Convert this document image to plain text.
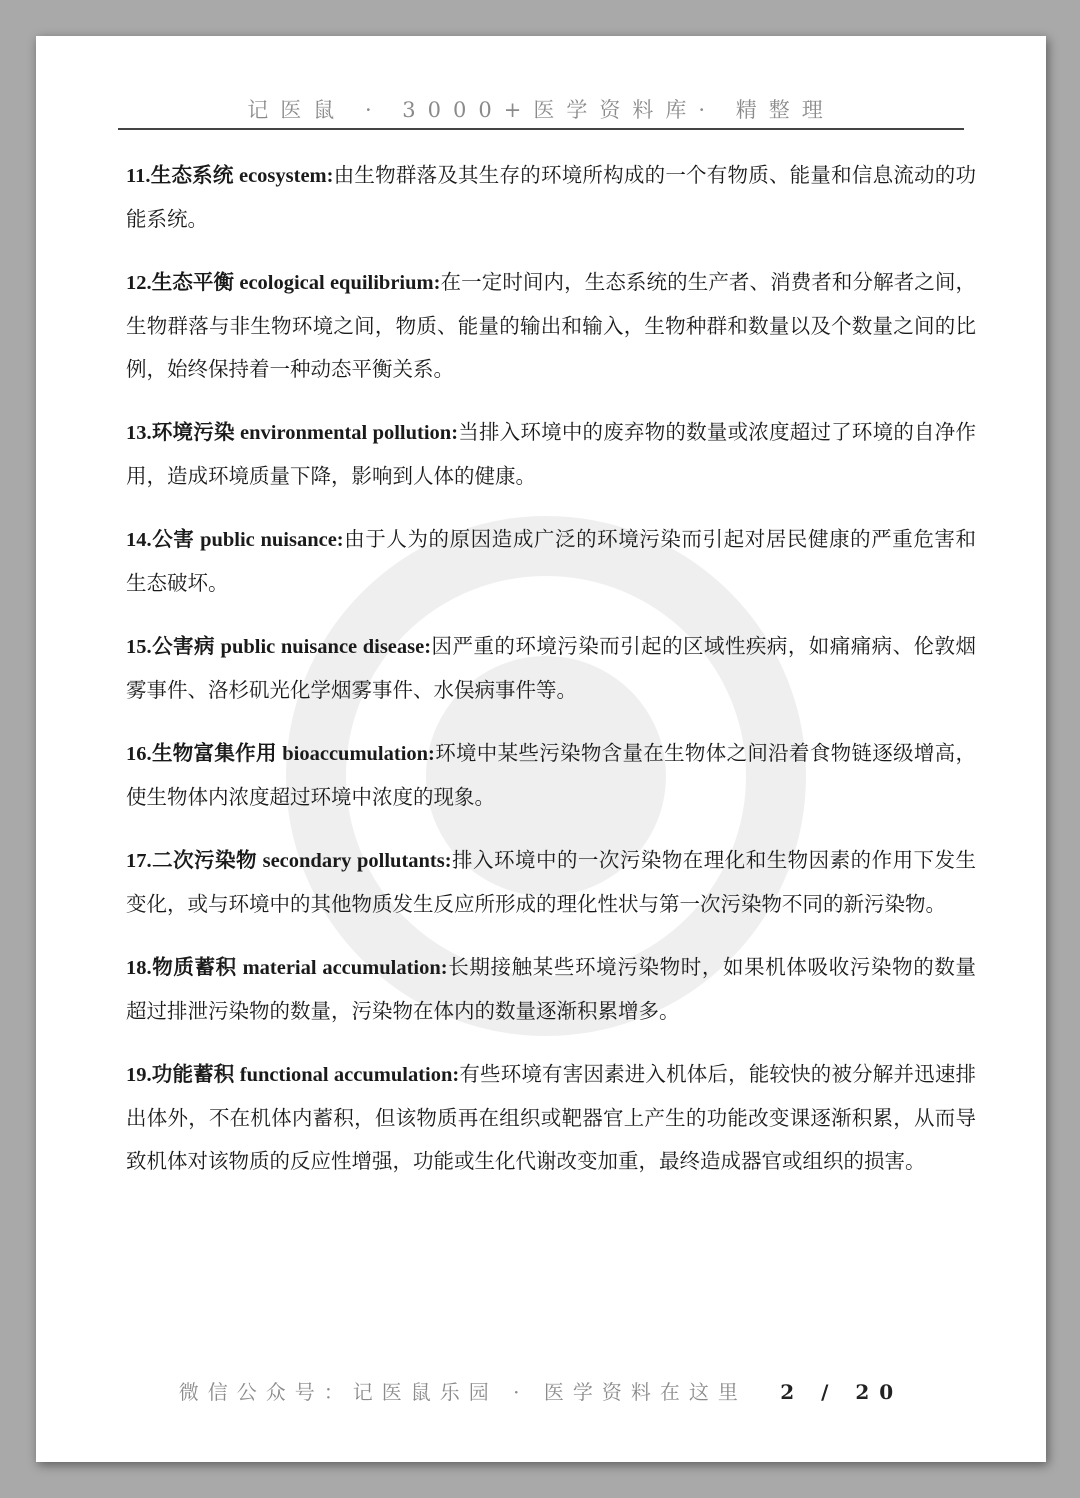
记医鼠 · 3000+医学资料库· 精整理

11.生态系统 ecosystem:由生物群落及其生存的环境所构成的一个有物质、能量和信息流动的功能系统。

12.生态平衡 ecological equilibrium:在一定时间内，生态系统的生产者、消费者和分解者之间，生物群落与非生物环境之间，物质、能量的输出和输入，生物种群和数量以及个数量之间的比例，始终保持着一种动态平衡关系。

13.环境污染 environmental pollution:当排入环境中的废弃物的数量或浓度超过了环境的自净作用，造成环境质量下降，影响到人体的健康。

14.公害 public nuisance:由于人为的原因造成广泛的环境污染而引起对居民健康的严重危害和生态破坏。

15.公害病 public nuisance disease:因严重的环境污染而引起的区域性疾病，如痛痛病、伦敦烟雾事件、洛杉矶光化学烟雾事件、水俣病事件等。

16.生物富集作用 bioaccumulation:环境中某些污染物含量在生物体之间沿着食物链逐级增高，使生物体内浓度超过环境中浓度的现象。

17.二次污染物 secondary pollutants:排入环境中的一次污染物在理化和生物因素的作用下发生变化，或与环境中的其他物质发生反应所形成的理化性状与第一次污染物不同的新污染物。

18.物质蓄积 material accumulation:长期接触某些环境污染物时，如果机体吸收污染物的数量超过排泄污染物的数量，污染物在体内的数量逐渐积累增多。

19.功能蓄积 functional accumulation:有些环境有害因素进入机体后，能较快的被分解并迅速排出体外，不在机体内蓄积，但该物质再在组织或靶器官上产生的功能改变课逐渐积累，从而导致机体对该物质的反应性增强，功能或生化代谢改变加重，最终造成器官或组织的损害。

微信公众号：记医鼠乐园 · 医学资料在这里 2 / 20
